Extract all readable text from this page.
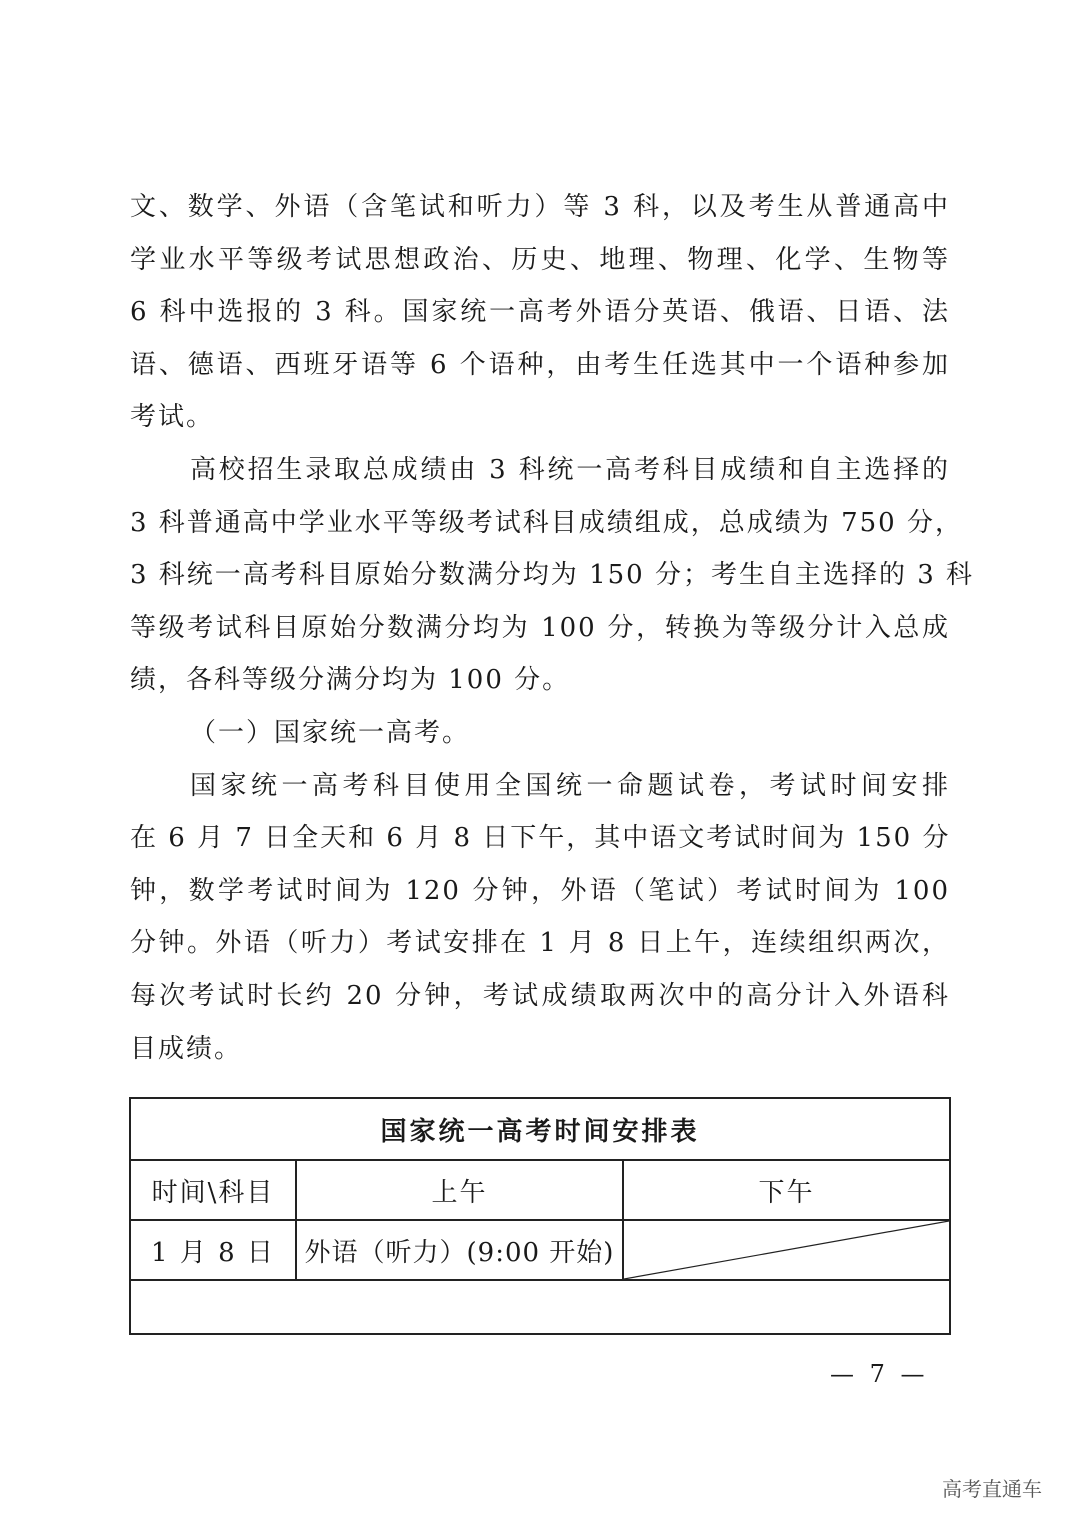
文、数学、外语（含笔试和听力）等 3 科，以及考生从普通高中
学业水平等级考试思想政治、历史、地理、物理、化学、生物等
6 科中选报的 3 科。国家统一高考外语分英语、俄语、日语、法
语、德语、西班牙语等 6 个语种，由考生任选其中一个语种参加
考试。
高校招生录取总成绩由 3 科统一高考科目成绩和自主选择的
3 科普通高中学业水平等级考试科目成绩组成，总成绩为 750 分，
3 科统一高考科目原始分数满分均为 150 分；考生自主选择的 3 科
等级考试科目原始分数满分均为 100 分，转换为等级分计入总成
绩，各科等级分满分均为 100 分。
（一）国家统一高考。
国家统一高考科目使用全国统一命题试卷，考试时间安排
在 6 月 7 日全天和 6 月 8 日下午，其中语文考试时间为 150 分
钟，数学考试时间为 120 分钟，外语（笔试）考试时间为 100
分钟。外语（听力）考试安排在 1 月 8 日上午，连续组织两次，
每次考试时长约 20 分钟，考试成绩取两次中的高分计入外语科
目成绩。
国家统一高考时间安排表		
时间\科目	上午	下午
1 月 8 日	外语（听力）(9:00 开始)	

— 7 —
高考直通车
